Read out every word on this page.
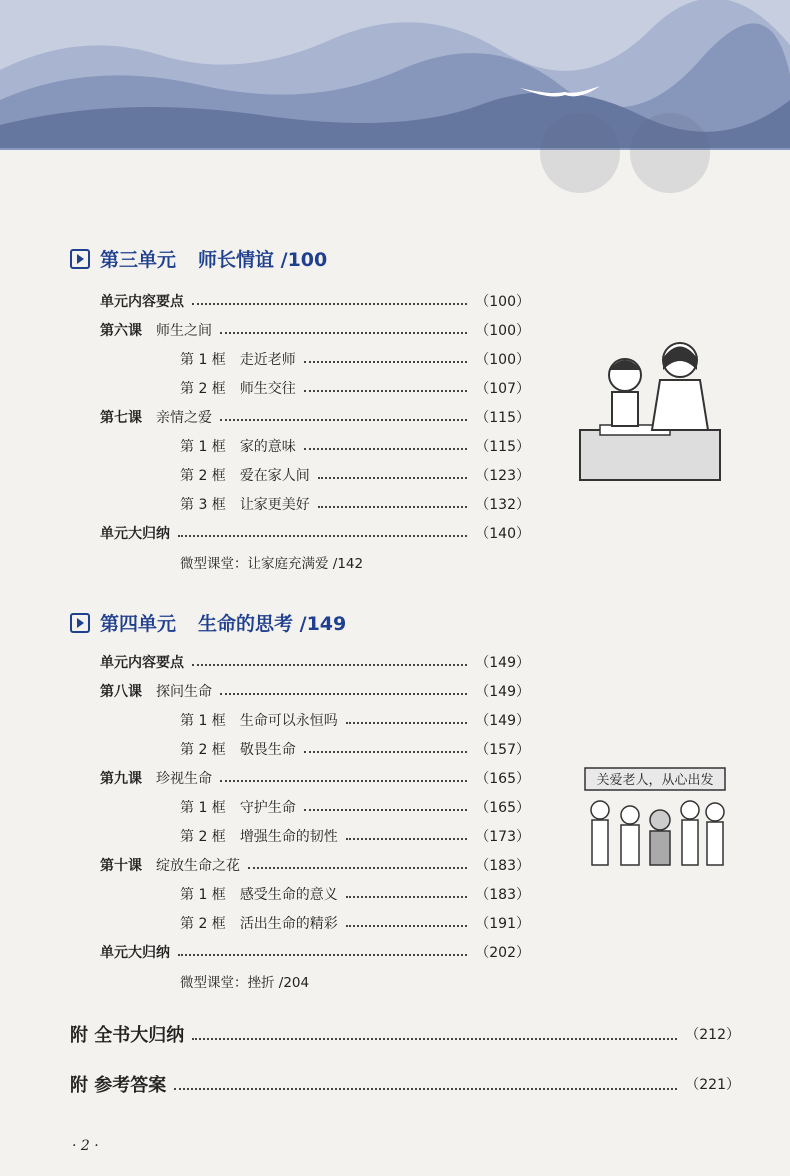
第三单元 师长情谊 /100
单元内容要点	（100）
第六课 师生之间	（100）
第 1 框 走近老师	（100）
第 2 框 师生交往	（107）
第七课 亲情之爱	（115）
第 1 框 家的意味	（115）
第 2 框 爱在家人间	（123）
第 3 框 让家更美好	（132）
单元大归纳	（140）
微型课堂：让家庭充满爱 /142
第四单元 生命的思考 /149
单元内容要点	（149）
第八课 探问生命	（149）
第 1 框 生命可以永恒吗	（149）
第 2 框 敬畏生命	（157）
第九课 珍视生命	（165）
第 1 框 守护生命	（165）
第 2 框 增强生命的韧性	（173）
第十课 绽放生命之花	（183）
第 1 框 感受生命的意义	（183）
第 2 框 活出生命的精彩	（191）
单元大归纳	（202）
微型课堂：挫折 /204
关爱老人，从心出发
附 全书大归纳	（212）
附 参考答案	（221）
· 2 ·
